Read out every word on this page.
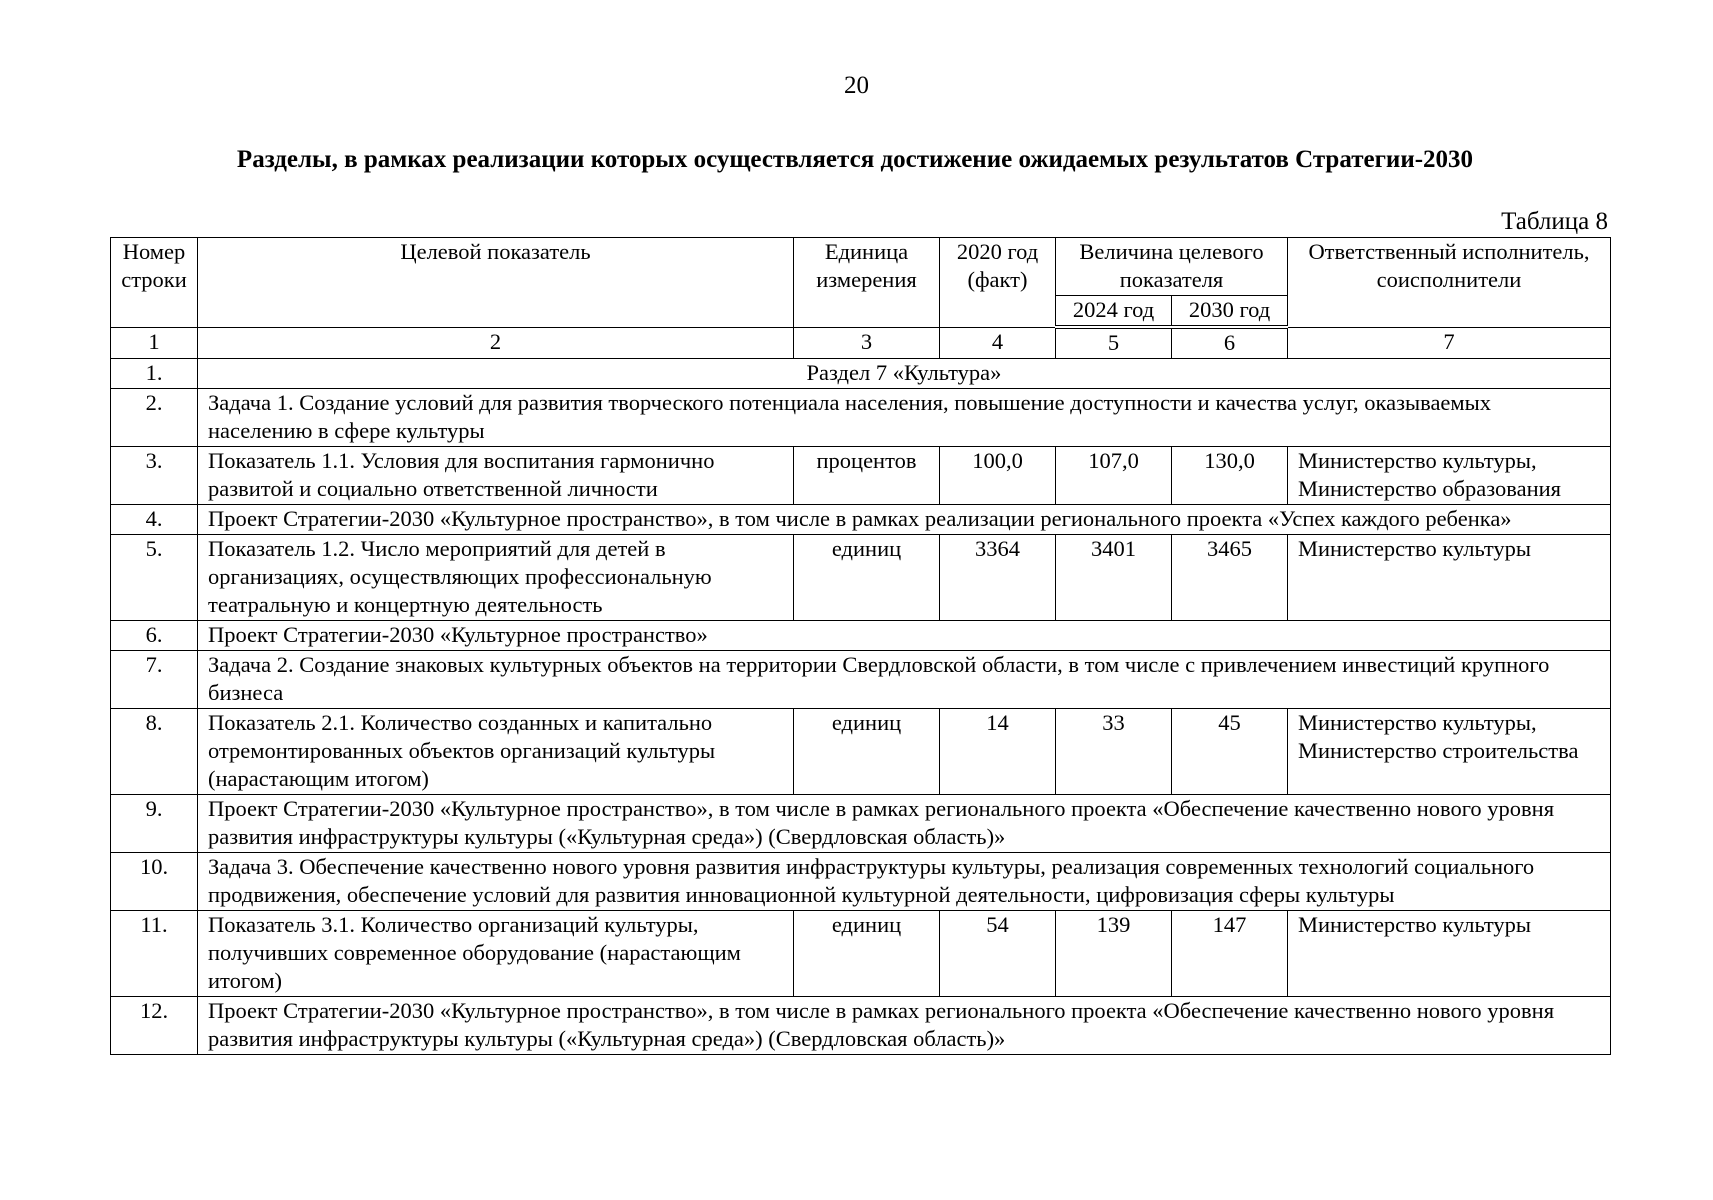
20
Разделы, в рамках реализации которых осуществляется достижение ожидаемых результатов Стратегии-2030
Таблица 8
Номер строки	Целевой показатель	Единица измерения	2020 год (факт)	Величина целевого показателя		Ответственный исполнитель, соисполнители
				2024 год	2030 год	
1	2	3	4	5	6	7
1.	Раздел 7 «Культура»					
2.	Задача 1. Создание условий для развития творческого потенциала населения, повышение доступности и качества услуг, оказываемых населению в сфере культуры					
3.	Показатель 1.1. Условия для воспитания гармонично развитой и социально ответственной личности	процентов	100,0	107,0	130,0	Министерство культуры, Министерство образования
4.	Проект Стратегии-2030 «Культурное пространство», в том числе в рамках реализации регионального проекта «Успех каждого ребенка»					
5.	Показатель 1.2. Число мероприятий для детей в организациях, осуществляющих профессиональную театральную и концертную деятельность	единиц	3364	3401	3465	Министерство культуры
6.	Проект Стратегии-2030 «Культурное пространство»					
7.	Задача 2. Создание знаковых культурных объектов на территории Свердловской области, в том числе с привлечением инвестиций крупного бизнеса					
8.	Показатель 2.1. Количество созданных и капитально отремонтированных объектов организаций культуры (нарастающим итогом)	единиц	14	33	45	Министерство культуры, Министерство строительства
9.	Проект Стратегии-2030 «Культурное пространство», в том числе в рамках регионального проекта «Обеспечение качественно нового уровня развития инфраструктуры культуры («Культурная среда») (Свердловская область)»					
10.	Задача 3. Обеспечение качественно нового уровня развития инфраструктуры культуры, реализация современных технологий социального продвижения, обеспечение условий для развития инновационной культурной деятельности, цифровизация сферы культуры					
11.	Показатель 3.1. Количество организаций культуры, получивших современное оборудование (нарастающим итогом)	единиц	54	139	147	Министерство культуры
12.	Проект Стратегии-2030 «Культурное пространство», в том числе в рамках регионального проекта «Обеспечение качественно нового уровня развития инфраструктуры культуры («Культурная среда») (Свердловская область)»					
